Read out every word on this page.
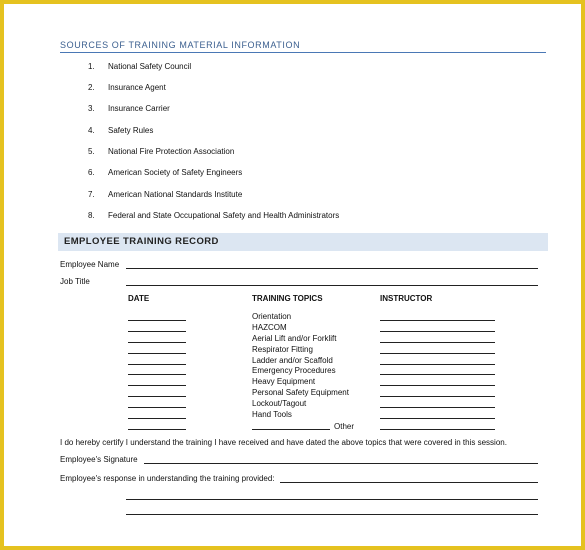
SOURCES OF TRAINING MATERIAL INFORMATION
1. National Safety Council
2. Insurance Agent
3. Insurance Carrier
4. Safety Rules
5. National Fire Protection Association
6. American Society of Safety Engineers
7. American National Standards Institute
8. Federal and State Occupational Safety and Health Administrators
EMPLOYEE TRAINING RECORD
Employee Name
Job Title
DATE	TRAINING TOPICS	INSTRUCTOR
Orientation
HAZCOM
Aerial Lift and/or Forklift
Respirator Fitting
Ladder and/or Scaffold
Emergency Procedures
Heavy Equipment
Personal Safety Equipment
Lockout/Tagout
Hand Tools
Other
I do hereby certify I understand the training I have received and have dated the above topics that were covered in this session.
Employee's Signature
Employee's response in understanding the training provided:
